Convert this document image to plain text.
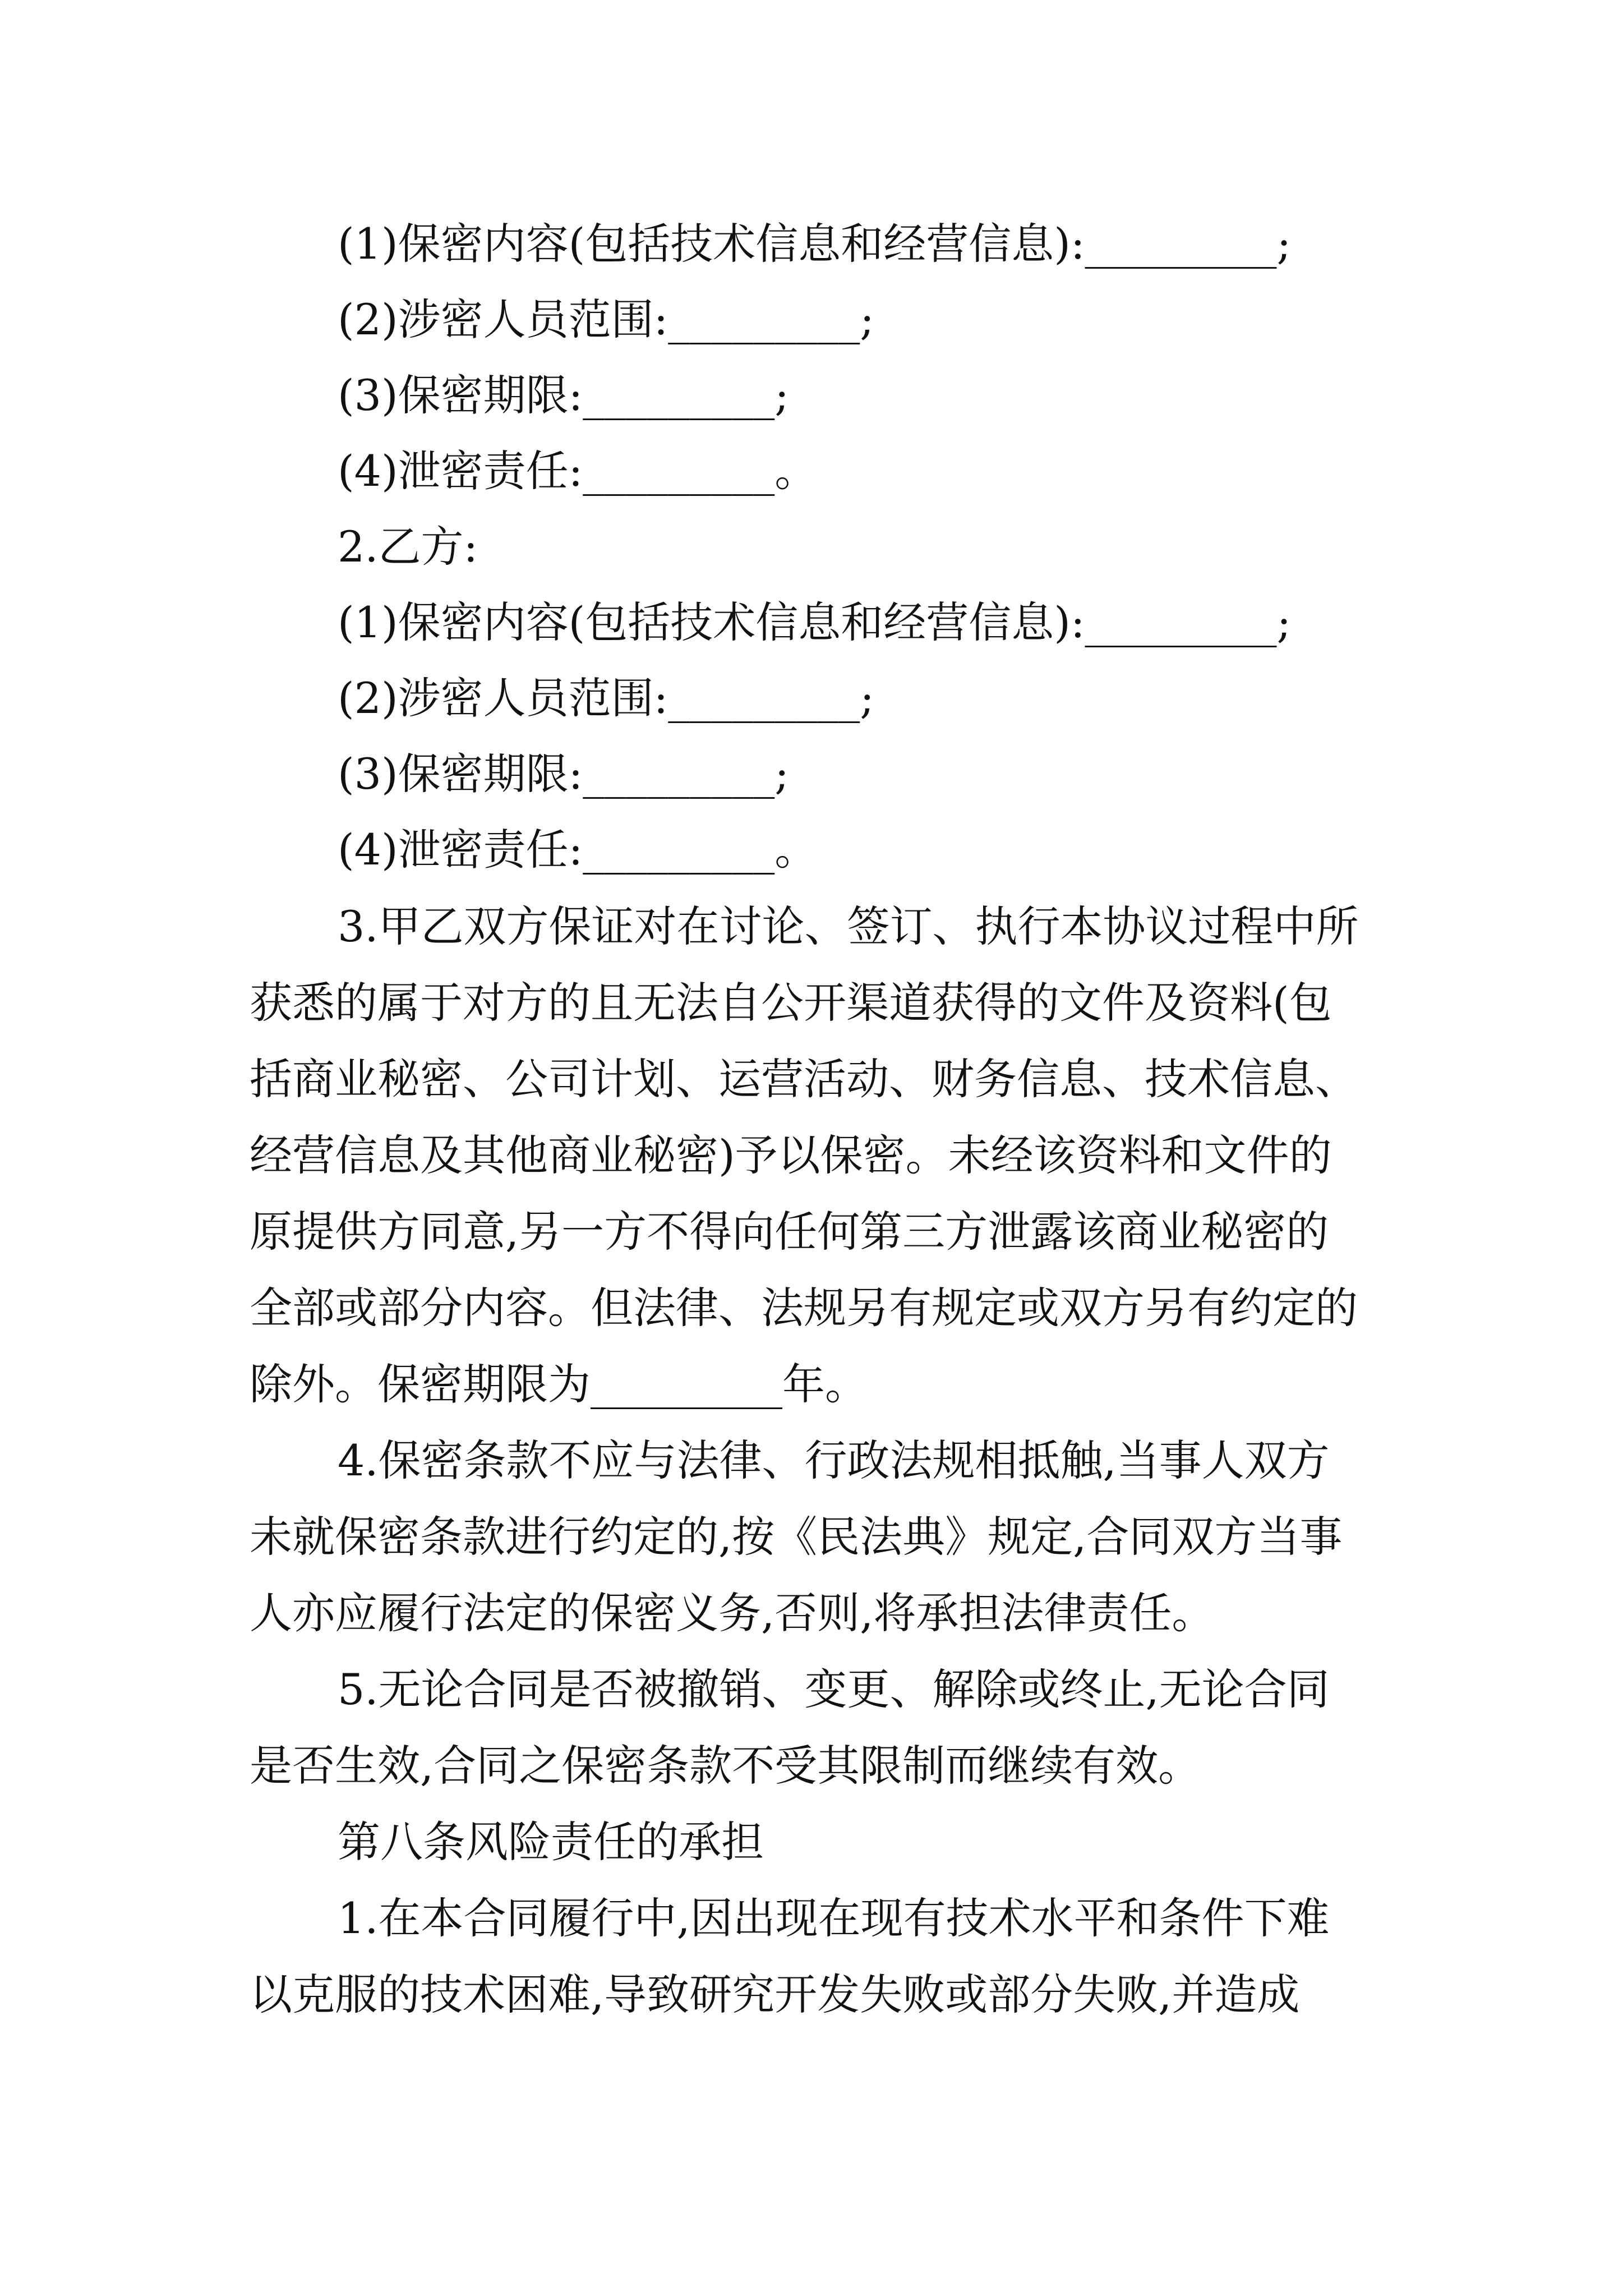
(1)保密内容(包括技术信息和经营信息):_________;
(2)涉密人员范围:_________;
(3)保密期限:_________;
(4)泄密责任:_________。
2.乙方:
(1)保密内容(包括技术信息和经营信息):_________;
(2)涉密人员范围:_________;
(3)保密期限:_________;
(4)泄密责任:_________。
3.甲乙双方保证对在讨论、签订、执行本协议过程中所
获悉的属于对方的且无法自公开渠道获得的文件及资料(包
括商业秘密、公司计划、运营活动、财务信息、技术信息、
经营信息及其他商业秘密)予以保密。未经该资料和文件的
原提供方同意,另一方不得向任何第三方泄露该商业秘密的
全部或部分内容。但法律、法规另有规定或双方另有约定的
除外。保密期限为_________年。
4.保密条款不应与法律、行政法规相抵触,当事人双方
未就保密条款进行约定的,按《民法典》规定,合同双方当事
人亦应履行法定的保密义务,否则,将承担法律责任。
5.无论合同是否被撤销、变更、解除或终止,无论合同
是否生效,合同之保密条款不受其限制而继续有效。
第八条风险责任的承担
1.在本合同履行中,因出现在现有技术水平和条件下难
以克服的技术困难,导致研究开发失败或部分失败,并造成
